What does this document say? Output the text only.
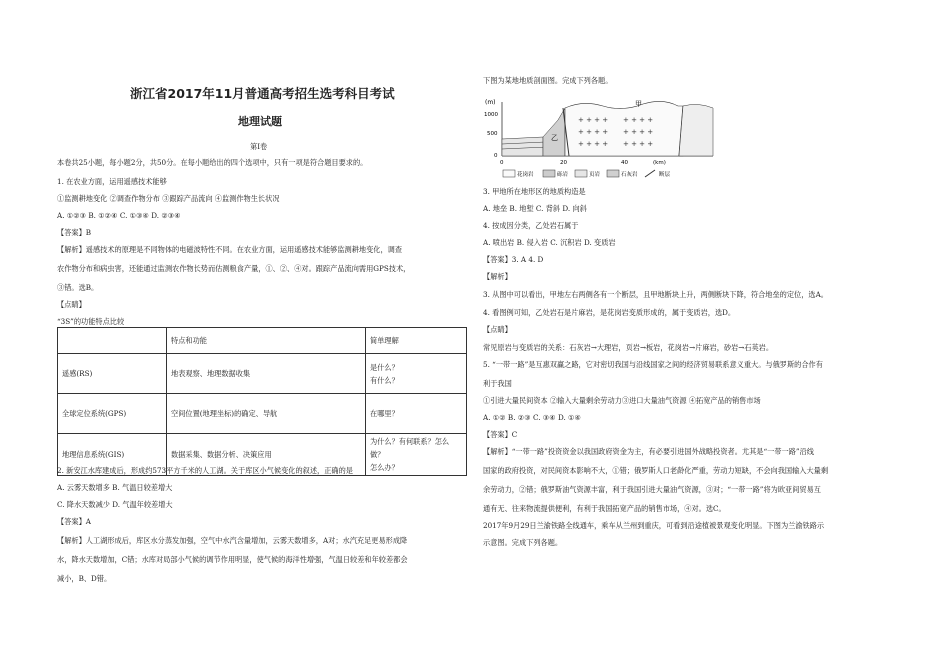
浙江省2017年11月普通高考招生选考科目考试
地理试题
第Ⅰ卷
本卷共25小题，每小题2分，共50分。在每小题给出的四个选项中，只有一项是符合题目要求的。
1. 在农业方面，运用遥感技术能够
①监测耕地变化 ②调查作物分布 ③跟踪产品流向 ④监测作物生长状况
A. ①②③ B. ①②④ C. ①③④ D. ②③④
【答案】B
【解析】遥感技术的原理是不同物体的电磁波特性不同。在农业方面，运用遥感技术能够监测耕地变化，调查
农作物分布和病虫害，还能通过监测农作物长势而估测粮食产量，①、②、④对。跟踪产品流向需用GPS技术，
③错。选B。
【点睛】
“3S”的功能特点比较
	特点和功能	简单理解
遥感(RS)	地表观察、地理数据收集	是什么？
有什么？

全球定位系统(GPS)	空间位置(地理坐标)的确定、导航	在哪里？
地理信息系统(GIS)	数据采集、数据分析、决策应用	为什么？有何联系？怎么做？
怎么办？
2. 新安江水库建成后，形成约573平方千米的人工湖。关于库区小气候变化的叙述，正确的是
A. 云雾天数增多 B. 气温日较差增大
C. 降水天数减少 D. 气温年较差增大
【答案】A
【解析】人工湖形成后，库区水分蒸发加强，空气中水汽含量增加，云雾天数增多，A对；水汽充足更易形成降
水，降水天数增加，C错；水库对局部小气候的调节作用明显，使气候的海洋性增强，气温日较差和年较差都会
减小，B、D错。
下图为某地地质剖面图。完成下列各题。
(m)
1000
500
0
+ + + +
+ + + +
+ + + +
+ + + +
+ + + +
+ + + +
甲
乙
0	20	40	(km)
花岗岩	砾岩	页岩	石灰岩	断层
3. 甲地所在地形区的地质构造是
A. 地垒 B. 地堑 C. 背斜 D. 向斜
4. 按成因分类，乙处岩石属于
A. 喷出岩 B. 侵入岩 C. 沉积岩 D. 变质岩
【答案】3. A 4. D
【解析】
3. 从图中可以看出，甲地左右两侧各有一个断层，且甲地断块上升，两侧断块下降，符合地垒的定位，选A。
4. 看图例可知，乙处岩石是片麻岩，是花岗岩变质形成的，属于变质岩，选D。
【点睛】
常见原岩与变质岩的关系：石灰岩→大理岩，页岩→板岩，花岗岩→片麻岩，砂岩→石英岩。
5. “一带一路”是互惠双赢之路，它对密切我国与沿线国家之间的经济贸易联系意义重大。与俄罗斯的合作有
利于我国
①引进大量民间资本 ②输入大量剩余劳动力③进口大量油气资源 ④拓宽产品的销售市场
A. ①② B. ②③ C. ③④ D. ①④
【答案】C
【解析】“一带一路”投资资金以我国政府资金为主，有必要引进国外战略投资者。尤其是“一带一路”沿线
国家的政府投资，对民间资本影响不大，①错；俄罗斯人口老龄化严重，劳动力短缺，不会向我国输入大量剩
余劳动力，②错；俄罗斯油气资源丰富，利于我国引进大量油气资源，③对；“一带一路”将为欧亚间贸易互
通有无、往来物流提供便利，有利于我国拓宽产品的销售市场，④对。选C。
2017年9月29日兰渝铁路全线通车，乘车从兰州到重庆，可看到沿途植被景观变化明显。下图为兰渝铁路示
示意图。完成下列各题。
